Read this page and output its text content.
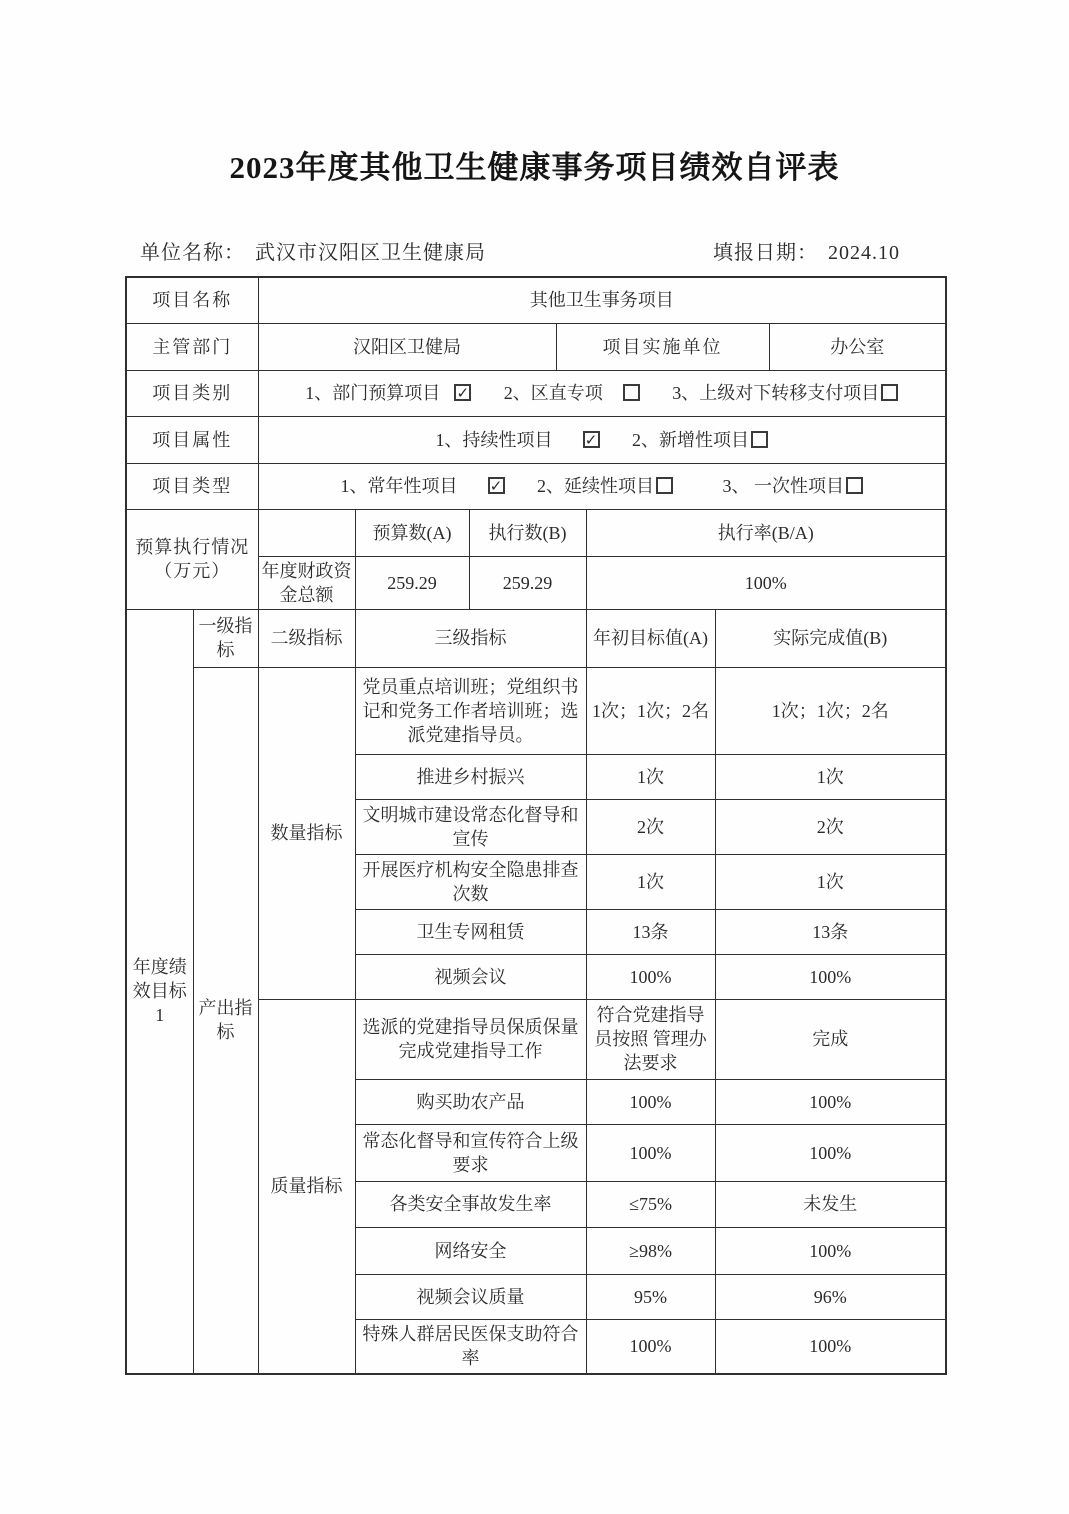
2023年度其他卫生健康事务项目绩效自评表
单位名称： 武汉市汉阳区卫生健康局	填报日期： 2024.10
项目名称		其他卫生事务项目						
主管部门		汉阳区卫健局			项目实施单位			办公室
项目类别		1、部门预算项目 ✓ 2、区直专项 3、上级对下转移支付项目						
项目属性		1、持续性项目 ✓ 2、新增性项目						
项目类型		1、常年性项目 ✓ 2、延续性项目 3、 一次性项目						
预算执行情况（万元）			预算数(A)	执行数(B)		执行率(B/A)		
		年度财政资金总额	259.29	259.29		100%		
年度绩效目标1	一级指标	二级指标	三级指标			年初目标值(A)	实际完成值(B)	
	产出指标	数量指标	党员重点培训班；党组织书记和党务工作者培训班；选派党建指导员。			1次；1次；2名	1次；1次；2名	
			推进乡村振兴			1次	1次	
			文明城市建设常态化督导和宣传			2次	2次	
			开展医疗机构安全隐患排查次数			1次	1次	
			卫生专网租赁			13条	13条	
			视频会议			100%	100%	
		质量指标	选派的党建指导员保质保量完成党建指导工作			符合党建指导员按照 管理办法要求	完成	
			购买助农产品			100%	100%	
			常态化督导和宣传符合上级要求			100%	100%	
			各类安全事故发生率			≤75%	未发生	
			网络安全			≥98%	100%	
			视频会议质量			95%	96%	
			特殊人群居民医保支助符合率			100%	100%	
